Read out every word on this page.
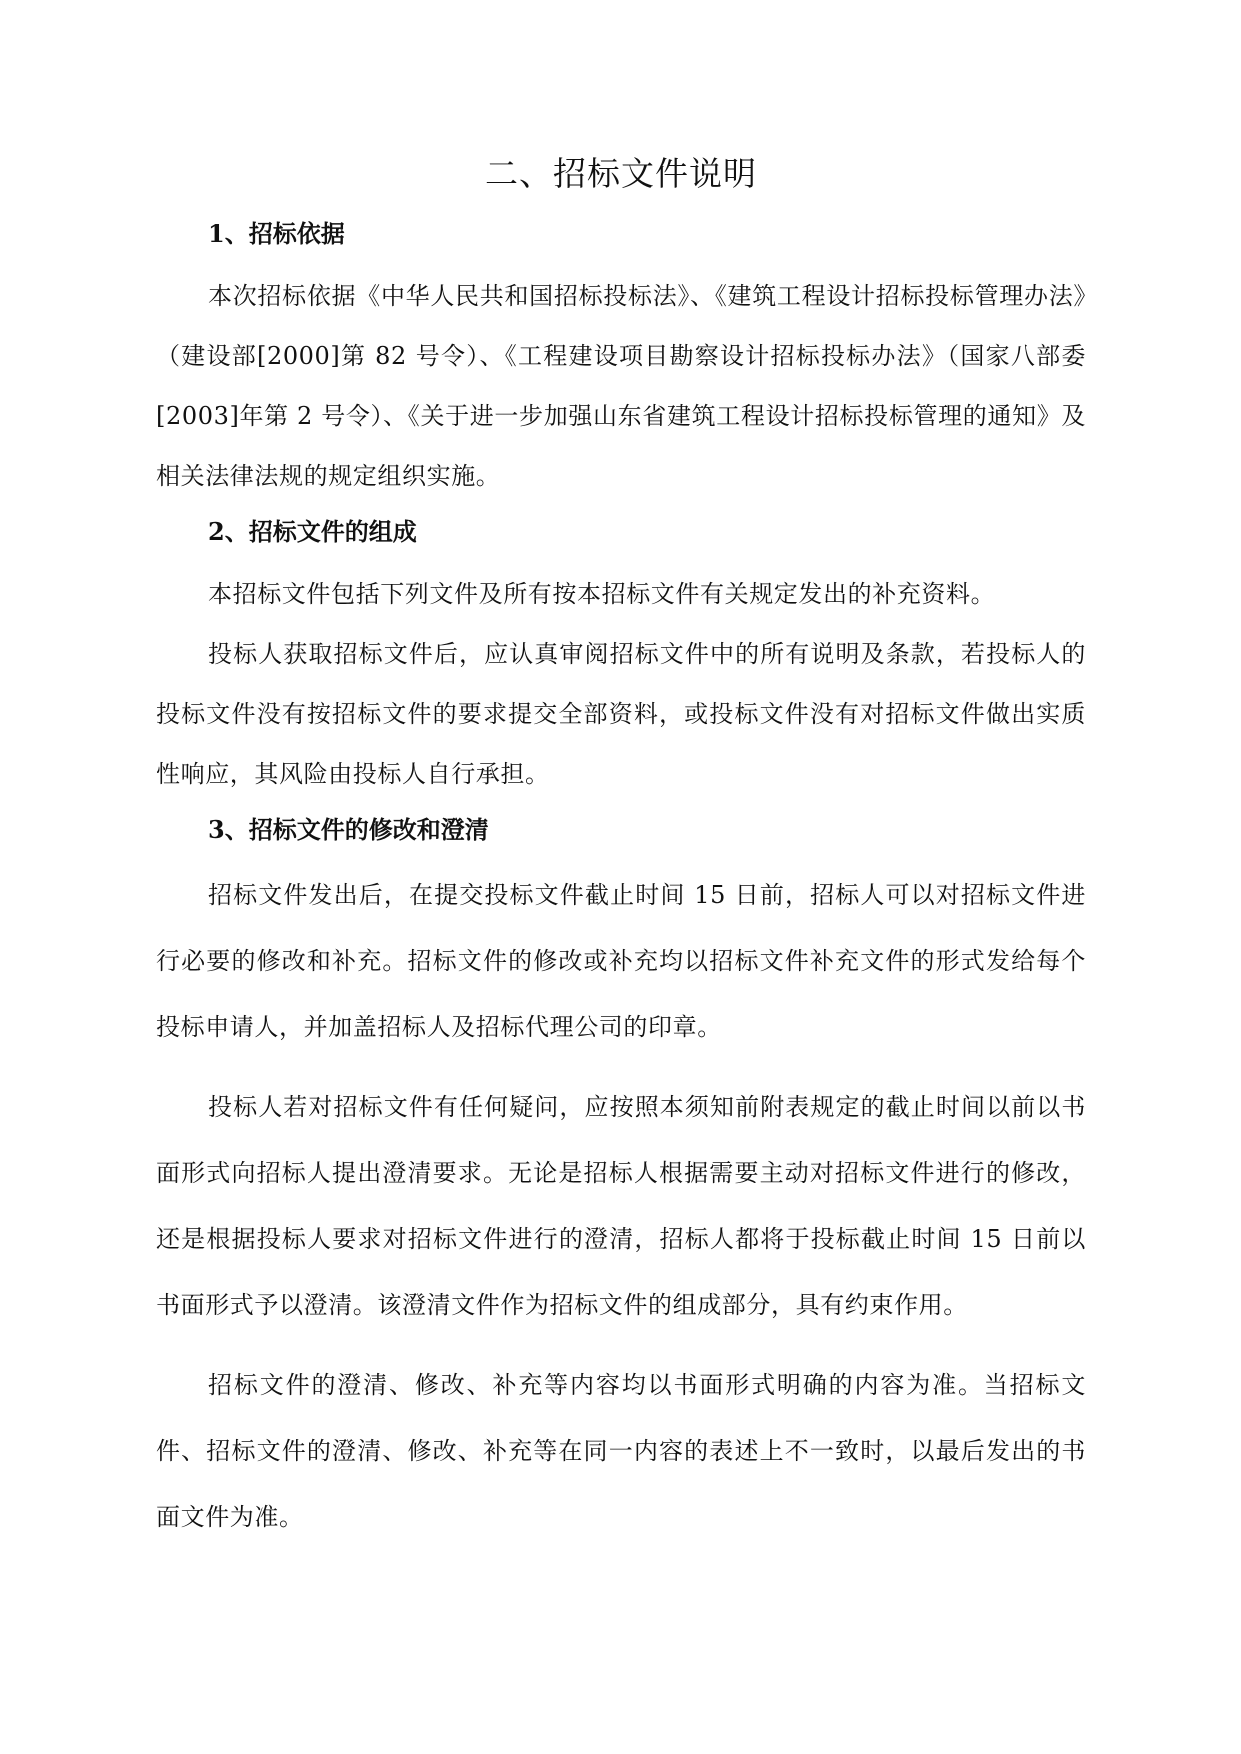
二、招标文件说明
1、招标依据

本次招标依据《中华人民共和国招标投标法》、《建筑工程设计招标投标管理办法》（建设部[2000]第 82 号令）、《工程建设项目勘察设计招标投标办法》（国家八部委[2003]年第 2 号令）、《关于进一步加强山东省建筑工程设计招标投标管理的通知》及相关法律法规的规定组织实施。

2、招标文件的组成

本招标文件包括下列文件及所有按本招标文件有关规定发出的补充资料。

投标人获取招标文件后，应认真审阅招标文件中的所有说明及条款，若投标人的投标文件没有按招标文件的要求提交全部资料，或投标文件没有对招标文件做出实质性响应，其风险由投标人自行承担。

3、招标文件的修改和澄清

招标文件发出后，在提交投标文件截止时间 15 日前，招标人可以对招标文件进行必要的修改和补充。招标文件的修改或补充均以招标文件补充文件的形式发给每个投标申请人，并加盖招标人及招标代理公司的印章。

投标人若对招标文件有任何疑问，应按照本须知前附表规定的截止时间以前以书面形式向招标人提出澄清要求。无论是招标人根据需要主动对招标文件进行的修改，还是根据投标人要求对招标文件进行的澄清，招标人都将于投标截止时间 15 日前以书面形式予以澄清。该澄清文件作为招标文件的组成部分，具有约束作用。

招标文件的澄清、修改、补充等内容均以书面形式明确的内容为准。当招标文件、招标文件的澄清、修改、补充等在同一内容的表述上不一致时，以最后发出的书面文件为准。
